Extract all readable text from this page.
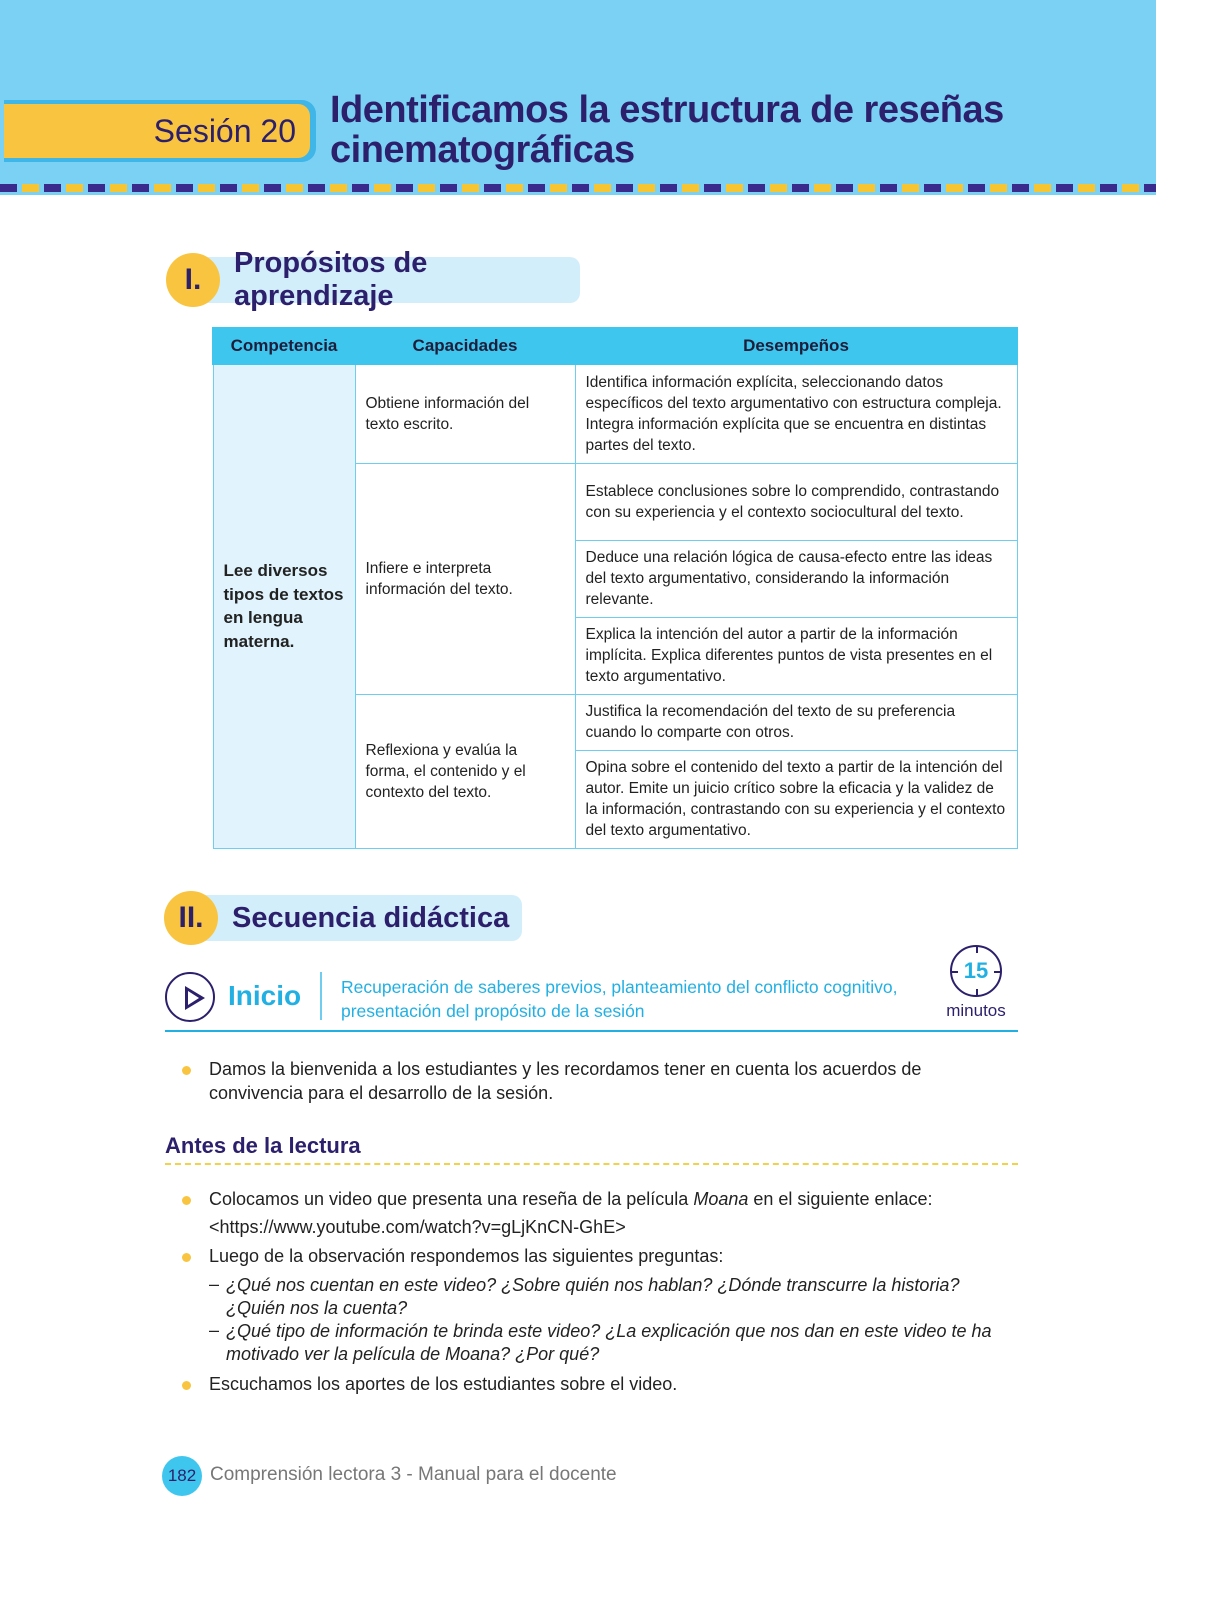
Sesión 20 Identificamos la estructura de reseñas cinematográficas
Propósitos de aprendizaje
I.
Competencia	Capacidades	Desempeños
Lee diversos tipos de textos en lengua materna.	Obtiene información del texto escrito.	Identifica información explícita, seleccionando datos específicos del texto argumentativo con estructura compleja. Integra información explícita que se encuentra en distintas partes del texto.
	Infiere e interpreta información del texto.	Establece conclusiones sobre lo comprendido, contrastando con su experiencia y el contexto sociocultural del texto.
		Deduce una relación lógica de causa-efecto entre las ideas del texto argumentativo, considerando la información relevante.
		Explica la intención del autor a partir de la información implícita. Explica diferentes puntos de vista presentes en el texto argumentativo.
	Reflexiona y evalúa la forma, el contenido y el contexto del texto.	Justifica la recomendación del texto de su preferencia cuando lo comparte con otros.
		Opina sobre el contenido del texto a partir de la intención del autor. Emite un juicio crítico sobre la eficacia y la validez de la información, contrastando con su experiencia y el contexto del texto argumentativo.
Secuencia didáctica
II.
Inicio Recuperación de saberes previos, planteamiento del conflicto cognitivo, presentación del propósito de la sesión
15
minutos
Damos la bienvenida a los estudiantes y les recordamos tener en cuenta los acuerdos de convivencia para el desarrollo de la sesión.
Antes de la lectura
Colocamos un video que presenta una reseña de la película Moana en el siguiente enlace:
<https://www.youtube.com/watch?v=gLjKnCN-GhE>
Luego de la observación respondemos las siguientes preguntas:
– ¿Qué nos cuentan en este video? ¿Sobre quién nos hablan? ¿Dónde transcurre la historia? ¿Quién nos la cuenta?
– ¿Qué tipo de información te brinda este video? ¿La explicación que nos dan en este video te ha motivado ver la película de Moana? ¿Por qué?
Escuchamos los aportes de los estudiantes sobre el video.
182 Comprensión lectora 3 - Manual para el docente
